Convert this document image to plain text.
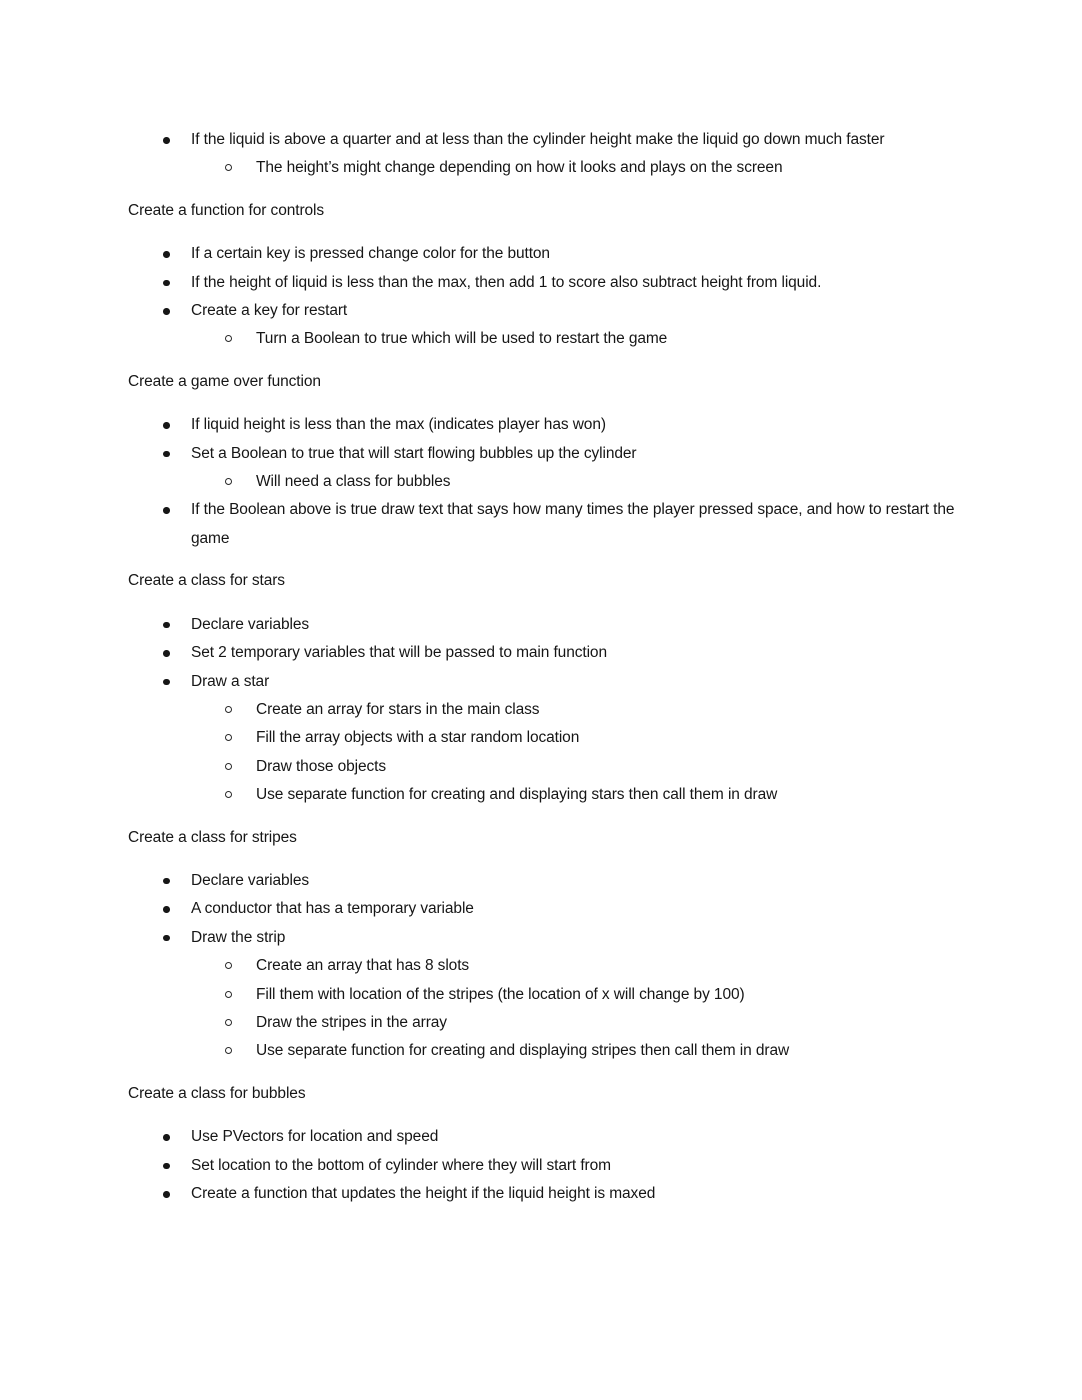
If the liquid is above a quarter and at less than the cylinder height make the liquid go down much faster
The height’s might change depending on how it looks and plays on the screen

Create a function for controls

If a certain key is pressed change color for the button
If the height of liquid is less than the max, then add 1 to score also subtract height from liquid.
Create a key for restart
Turn a Boolean to true which will be used to restart the game

Create a game over function

If liquid height is less than the max (indicates player has won)
Set a Boolean to true that will start flowing bubbles up the cylinder
Will need a class for bubbles
If the Boolean above is true draw text that says how many times the player pressed space, and how to restart the game

Create a class for stars

Declare variables
Set 2 temporary variables that will be passed to main function
Draw a star
Create an array for stars in the main class
Fill the array objects with a star random location
Draw those objects
Use separate function for creating and displaying stars then call them in draw

Create a class for stripes

Declare variables
A conductor that has a temporary variable
Draw the strip
Create an array that has 8 slots
Fill them with location of the stripes (the location of x will change by 100)
Draw the stripes in the array
Use separate function for creating and displaying stripes then call them in draw

Create a class for bubbles

Use PVectors for location and speed
Set location to the bottom of cylinder where they will start from
Create a function that updates the height if the liquid height is maxed
